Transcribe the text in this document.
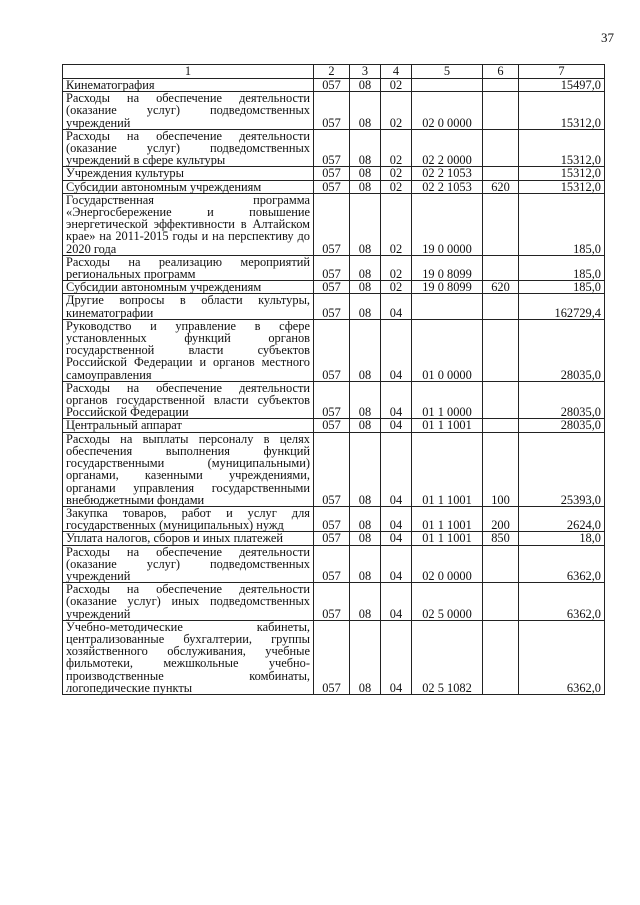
37
1	2	3	4	5	6	7
Кинематография	057	08	02			15497,0
Расходы на обеспечение деятельности (оказание услуг) подведомственных учреждений	057	08	02	02 0 0000		15312,0
Расходы на обеспечение деятельности (оказание услуг) подведомственных учреждений в сфере культуры	057	08	02	02 2 0000		15312,0
Учреждения культуры	057	08	02	02 2 1053		15312,0
Субсидии автономным учреждениям	057	08	02	02 2 1053	620	15312,0
Государственная программа «Энергосбережение и повышение энергетической эффективности в Алтайском крае» на 2011-2015 годы и на перспективу до 2020 года	057	08	02	19 0 0000		185,0
Расходы на реализацию мероприятий региональных программ	057	08	02	19 0 8099		185,0
Субсидии автономным учреждениям	057	08	02	19 0 8099	620	185,0
Другие вопросы в области культуры, кинематографии	057	08	04			162729,4
Руководство и управление в сфере установленных функций органов государственной власти субъектов Российской Федерации и органов местного самоуправления	057	08	04	01 0 0000		28035,0
Расходы на обеспечение деятельности органов государственной власти субъектов Российской Федерации	057	08	04	01 1 0000		28035,0
Центральный аппарат	057	08	04	01 1 1001		28035,0
Расходы на выплаты персоналу в целях обеспечения выполнения функций государственными (муниципальными) органами, казенными учреждениями, органами управления государственными внебюджетными фондами	057	08	04	01 1 1001	100	25393,0
Закупка товаров, работ и услуг для государственных (муниципальных) нужд	057	08	04	01 1 1001	200	2624,0
Уплата налогов, сборов и иных платежей	057	08	04	01 1 1001	850	18,0
Расходы на обеспечение деятельности (оказание услуг) подведомственных учреждений	057	08	04	02 0 0000		6362,0
Расходы на обеспечение деятельности (оказание услуг) иных подведомственных учреждений	057	08	04	02 5 0000		6362,0
Учебно-методические кабинеты, централизованные бухгалтерии, группы хозяйственного обслуживания, учебные фильмотеки, межшкольные учебно-производственные комбинаты, логопедические пункты	057	08	04	02 5 1082		6362,0
